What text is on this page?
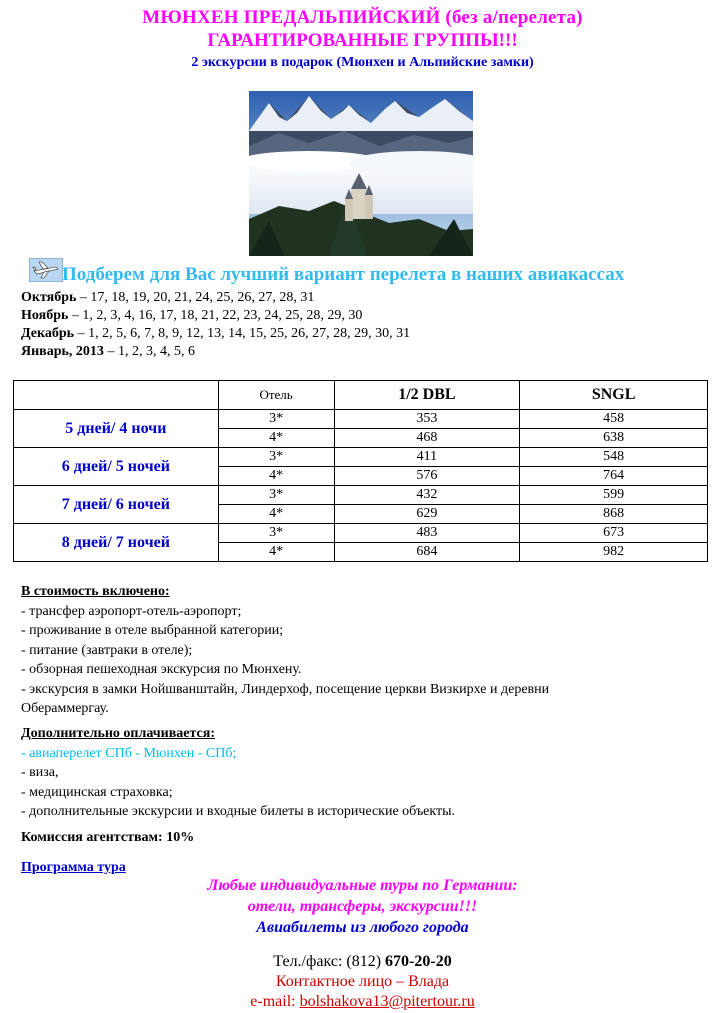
МЮНХЕН ПРЕДАЛЬПИЙСКИЙ (без а/перелета)
ГАРАНТИРОВАННЫЕ ГРУППЫ!!!
2 экскурсии в подарок (Мюнхен и Альпийские замки)
Подберем для Вас лучший вариант перелета в наших авиакассах
Октябрь – 17, 18, 19, 20, 21, 24, 25, 26, 27, 28, 31
Ноябрь – 1, 2, 3, 4, 16, 17, 18, 21, 22, 23, 24, 25, 28, 29, 30
Декабрь – 1, 2, 5, 6, 7, 8, 9, 12, 13, 14, 15, 25, 26, 27, 28, 29, 30, 31
Январь, 2013 – 1, 2, 3, 4, 5, 6
	Отель	1/2 DBL	SNGL
5 дней/ 4 ночи	3*	353	458
	4*	468	638
6 дней/ 5 ночей	3*	411	548
	4*	576	764
7 дней/ 6 ночей	3*	432	599
	4*	629	868
8 дней/ 7 ночей	3*	483	673
	4*	684	982
В стоимость включено:
- трансфер аэропорт-отель-аэропорт;
- проживание в отеле выбранной категории;
- питание (завтраки в отеле);
- обзорная пешеходная экскурсия по Мюнхену.
- экскурсия в замки Нойшванштайн, Линдерхоф, посещение церкви Визкирхе и деревни
Обераммергау.
Дополнительно оплачивается:
- авиаперелет СПб - Мюнхен - СПб;
- виза,
- медицинская страховка;
- дополнительные экскурсии и входные билеты в исторические объекты.
Комиссия агентствам: 10%
Программа тура
Любые индивидуальные туры по Германии:
отели, трансферы, экскурсии!!!
Авиабилеты из любого города
Тел./факс: (812) 670-20-20
Контактное лицо – Влада
e-mail: bolshakova13@pitertour.ru
